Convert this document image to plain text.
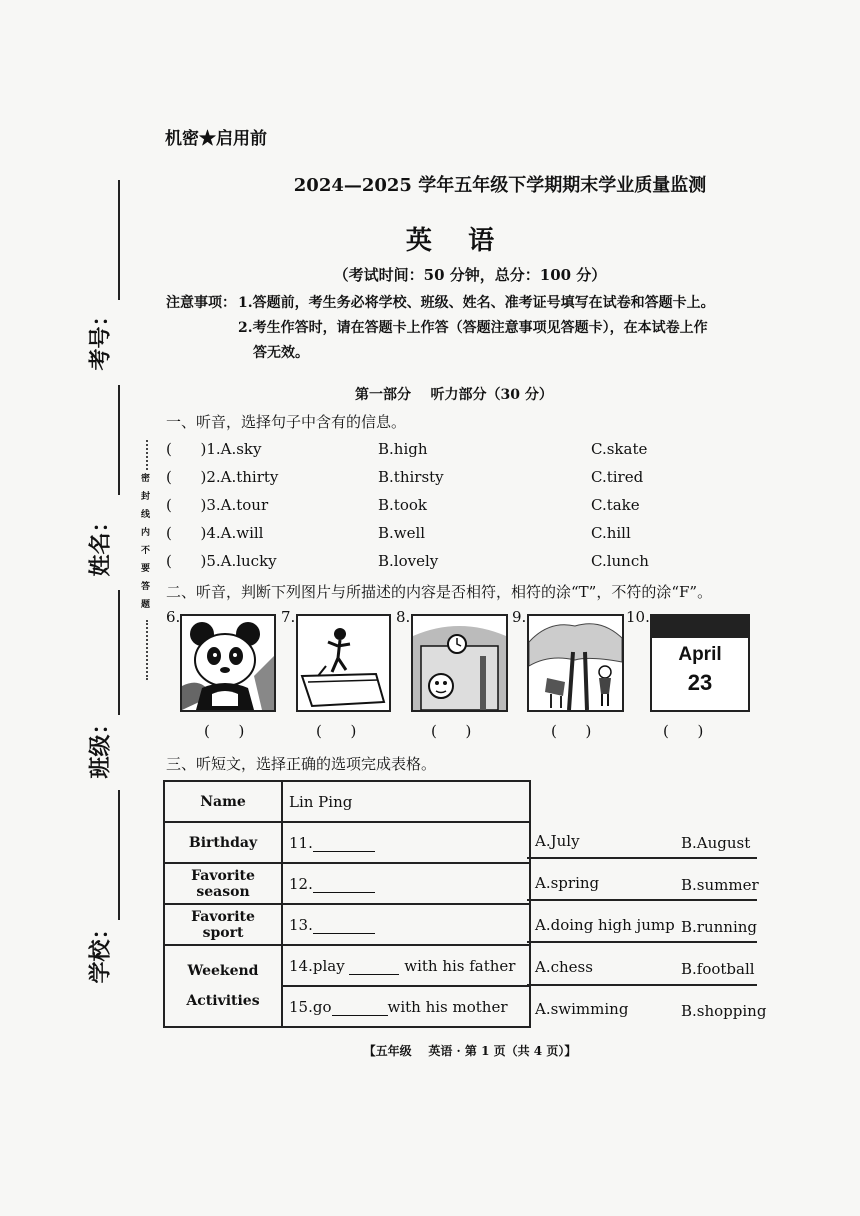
考号：
姓名：
班级：
学校：
密封线内不要答题
机密★启用前
2024—2025 学年五年级下学期期末学业质量监测
英    语
（考试时间：50 分钟，总分：100 分）
注意事项： 1.答题前，考生务必将学校、班级、姓名、准考证号填写在试卷和答题卡上。
2.考生作答时，请在答题卡上作答（答题注意事项见答题卡），在本试卷上作
答无效。
第一部分    听力部分（30 分）
一、听音，选择句子中含有的信息。
(      )1.A.sky	B.high	C.skate
(      )2.A.thirty	B.thirsty	C.tired
(      )3.A.tour	B.took	C.take
(      )4.A.will	B.well	C.hill
(      )5.A.lucky	B.lovely	C.lunch
二、听音，判断下列图片与所描述的内容是否相符，相符的涂“T”，不符的涂“F”。
6.	7.	8.	9.	10.
April
23
(      )	(      )	(      )	(      )	(      )
三、听短文，选择正确的选项完成表格。
Name	Lin Ping
Birthday	11.
Favorite season	12.
Favorite sport	13.

Weekend
Activities	14.play with his father
	15.go with his mother
A.July	B.August
A.spring	B.summer
A.doing high jump B.running
A.chess	B.football
A.swimming	B.shopping
【五年级    英语 · 第 1 页（共 4 页）】
